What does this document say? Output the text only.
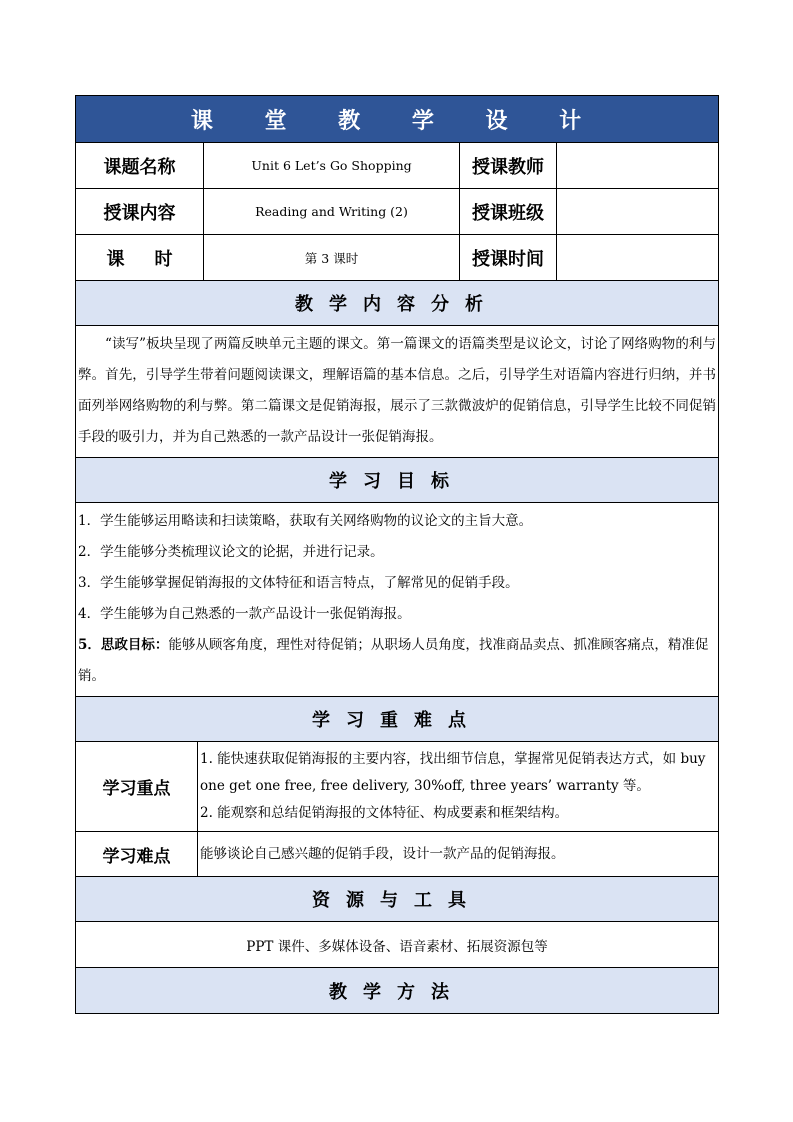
课 堂 教 学 设 计
课题名称	Unit 6 Let’s Go Shopping	授课教师
授课内容	Reading and Writing (2)	授课班级
课时	第 3 课时	授课时间
教学内容分析
“读写”板块呈现了两篇反映单元主题的课文。第一篇课文的语篇类型是议论文，讨论了网络购物的利与弊。首先，引导学生带着问题阅读课文，理解语篇的基本信息。之后，引导学生对语篇内容进行归纳，并书面列举网络购物的利与弊。第二篇课文是促销海报，展示了三款微波炉的促销信息，引导学生比较不同促销手段的吸引力，并为自己熟悉的一款产品设计一张促销海报。
学习目标
1．学生能够运用略读和扫读策略，获取有关网络购物的议论文的主旨大意。
2．学生能够分类梳理议论文的论据，并进行记录。
3．学生能够掌握促销海报的文体特征和语言特点，了解常见的促销手段。
4．学生能够为自己熟悉的一款产品设计一张促销海报。
5．思政目标：能够从顾客角度，理性对待促销；从职场人员角度，找准商品卖点、抓准顾客痛点，精准促销。
学习重难点
学习重点
1. 能快速获取促销海报的主要内容，找出细节信息，掌握常见促销表达方式，如 buy one get one free, free delivery, 30%off, three years’ warranty 等。
2. 能观察和总结促销海报的文体特征、构成要素和框架结构。
学习难点	能够谈论自己感兴趣的促销手段，设计一款产品的促销海报。
资源与工具
PPT 课件、多媒体设备、语音素材、拓展资源包等
教学方法
